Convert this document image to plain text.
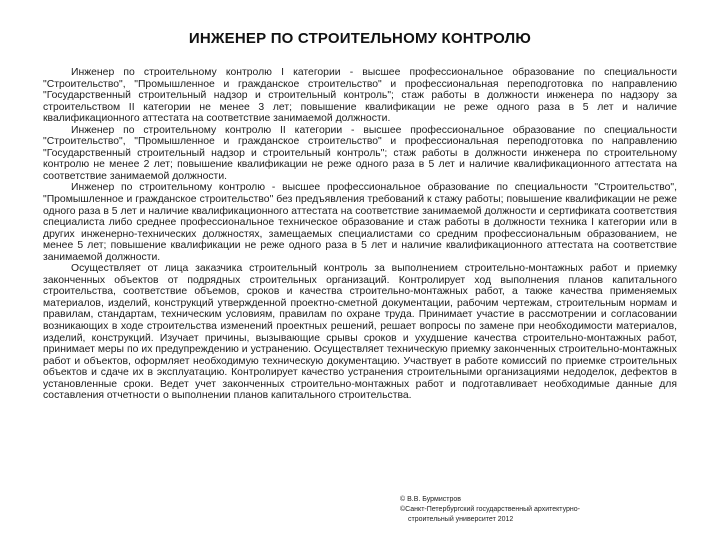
ИНЖЕНЕР ПО СТРОИТЕЛЬНОМУ КОНТРОЛЮ

Инженер по строительному контролю I категории - высшее профессиональное образование по специальности "Строительство", "Промышленное и гражданское строительство" и профессиональная переподготовка по направлению "Государственный строительный надзор и строительный контроль"; стаж работы в должности инженера по надзору за строительством II категории не менее 3 лет; повышение квалификации не реже одного раза в 5 лет и наличие квалификационного аттестата на соответствие занимаемой должности.

Инженер по строительному контролю II категории - высшее профессиональное образование по специальности "Строительство", "Промышленное и гражданское строительство" и профессиональная переподготовка по направлению "Государственный строительный надзор и строительный контроль"; стаж работы в должности инженера по строительному контролю не менее 2 лет; повышение квалификации не реже одного раза в 5 лет и наличие квалификационного аттестата на соответствие занимаемой должности.

Инженер по строительному контролю - высшее профессиональное образование по специальности "Строительство", "Промышленное и гражданское строительство" без предъявления требований к стажу работы; повышение квалификации не реже одного раза в 5 лет и наличие квалификационного аттестата на соответствие занимаемой должности и сертификата соответствия специалиста либо среднее профессиональное техническое образование и стаж работы в должности техника I категории или в других инженерно-технических должностях, замещаемых специалистами со средним профессиональным образованием, не менее 5 лет; повышение квалификации не реже одного раза в 5 лет и наличие квалификационного аттестата на соответствие занимаемой должности.

Осуществляет от лица заказчика строительный контроль за выполнением строительно-монтажных работ и приемку законченных объектов от подрядных строительных организаций. Контролирует ход выполнения планов капитального строительства, соответствие объемов, сроков и качества строительно-монтажных работ, а также качества применяемых материалов, изделий, конструкций утвержденной проектно-сметной документации, рабочим чертежам, строительным нормам и правилам, стандартам, техническим условиям, правилам по охране труда. Принимает участие в рассмотрении и согласовании возникающих в ходе строительства изменений проектных решений, решает вопросы по замене при необходимости материалов, изделий, конструкций. Изучает причины, вызывающие срывы сроков и ухудшение качества строительно-монтажных работ, принимает меры по их предупреждению и устранению. Осуществляет техническую приемку законченных строительно-монтажных работ и объектов, оформляет необходимую техническую документацию. Участвует в работе комиссий по приемке строительных объектов и сдаче их в эксплуатацию. Контролирует качество устранения строительными организациями недоделок, дефектов в установленные сроки. Ведет учет законченных строительно-монтажных работ и подготавливает необходимые данные для составления отчетности о выполнении планов капитального строительства.

© В.В. Бурмистров
©Санкт-Петербургский государственный архитектурно-
строительный университет 2012
